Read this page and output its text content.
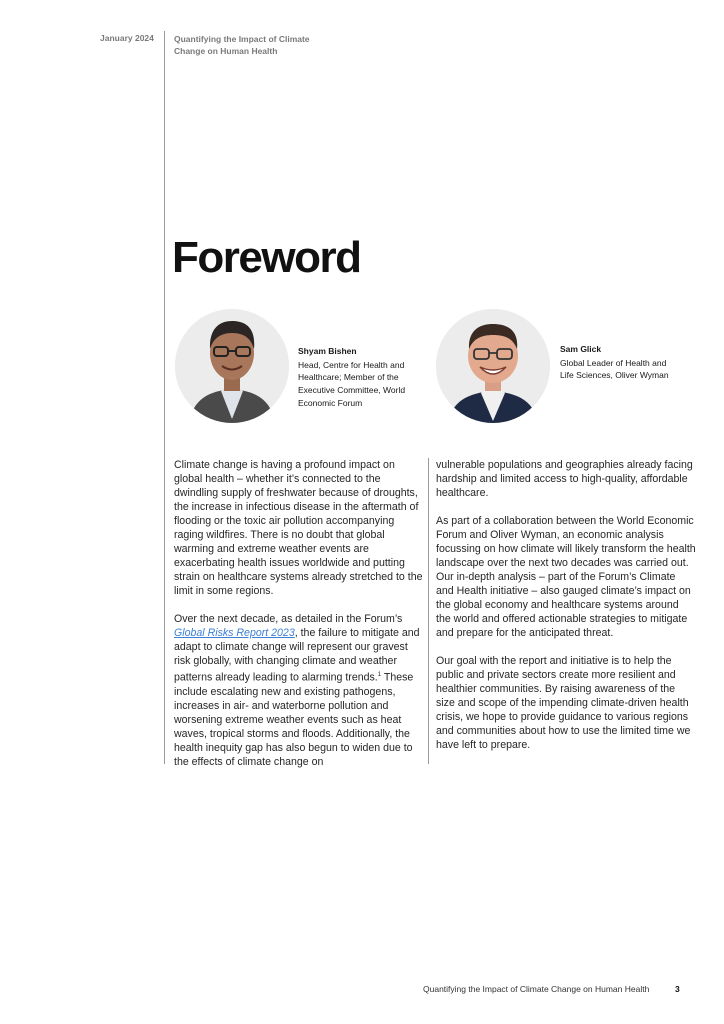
January 2024 Quantifying the Impact of Climate Change on Human Health
Foreword
Shyam Bishen
Head, Centre for Health and Healthcare; Member of the Executive Committee, World Economic Forum
Sam Glick
Global Leader of Health and Life Sciences, Oliver Wyman

Climate change is having a profound impact on global health – whether it’s connected to the dwindling supply of freshwater because of droughts, the increase in infectious disease in the aftermath of flooding or the toxic air pollution accompanying raging wildfires. There is no doubt that global warming and extreme weather events are exacerbating health issues worldwide and putting strain on healthcare systems already stretched to the limit in some regions.

Over the next decade, as detailed in the Forum’s Global Risks Report 2023, the failure to mitigate and adapt to climate change will represent our gravest risk globally, with changing climate and weather patterns already leading to alarming trends.$^1$ These include escalating new and existing pathogens, increases in air- and waterborne pollution and worsening extreme weather events such as heat waves, tropical storms and floods. Additionally, the health inequity gap has also begun to widen due to the effects of climate change on

vulnerable populations and geographies already facing hardship and limited access to high-quality, affordable healthcare.

As part of a collaboration between the World Economic Forum and Oliver Wyman, an economic analysis focussing on how climate will likely transform the health landscape over the next two decades was carried out. Our in-depth analysis – part of the Forum’s Climate and Health initiative – also gauged climate’s impact on the global economy and healthcare systems around the world and offered actionable strategies to mitigate and prepare for the anticipated threat.

Our goal with the report and initiative is to help the public and private sectors create more resilient and healthier communities. By raising awareness of the size and scope of the impending climate-driven health crisis, we hope to provide guidance to various regions and communities about how to use the limited time we have left to prepare.

Quantifying the Impact of Climate Change on Human Health	3
